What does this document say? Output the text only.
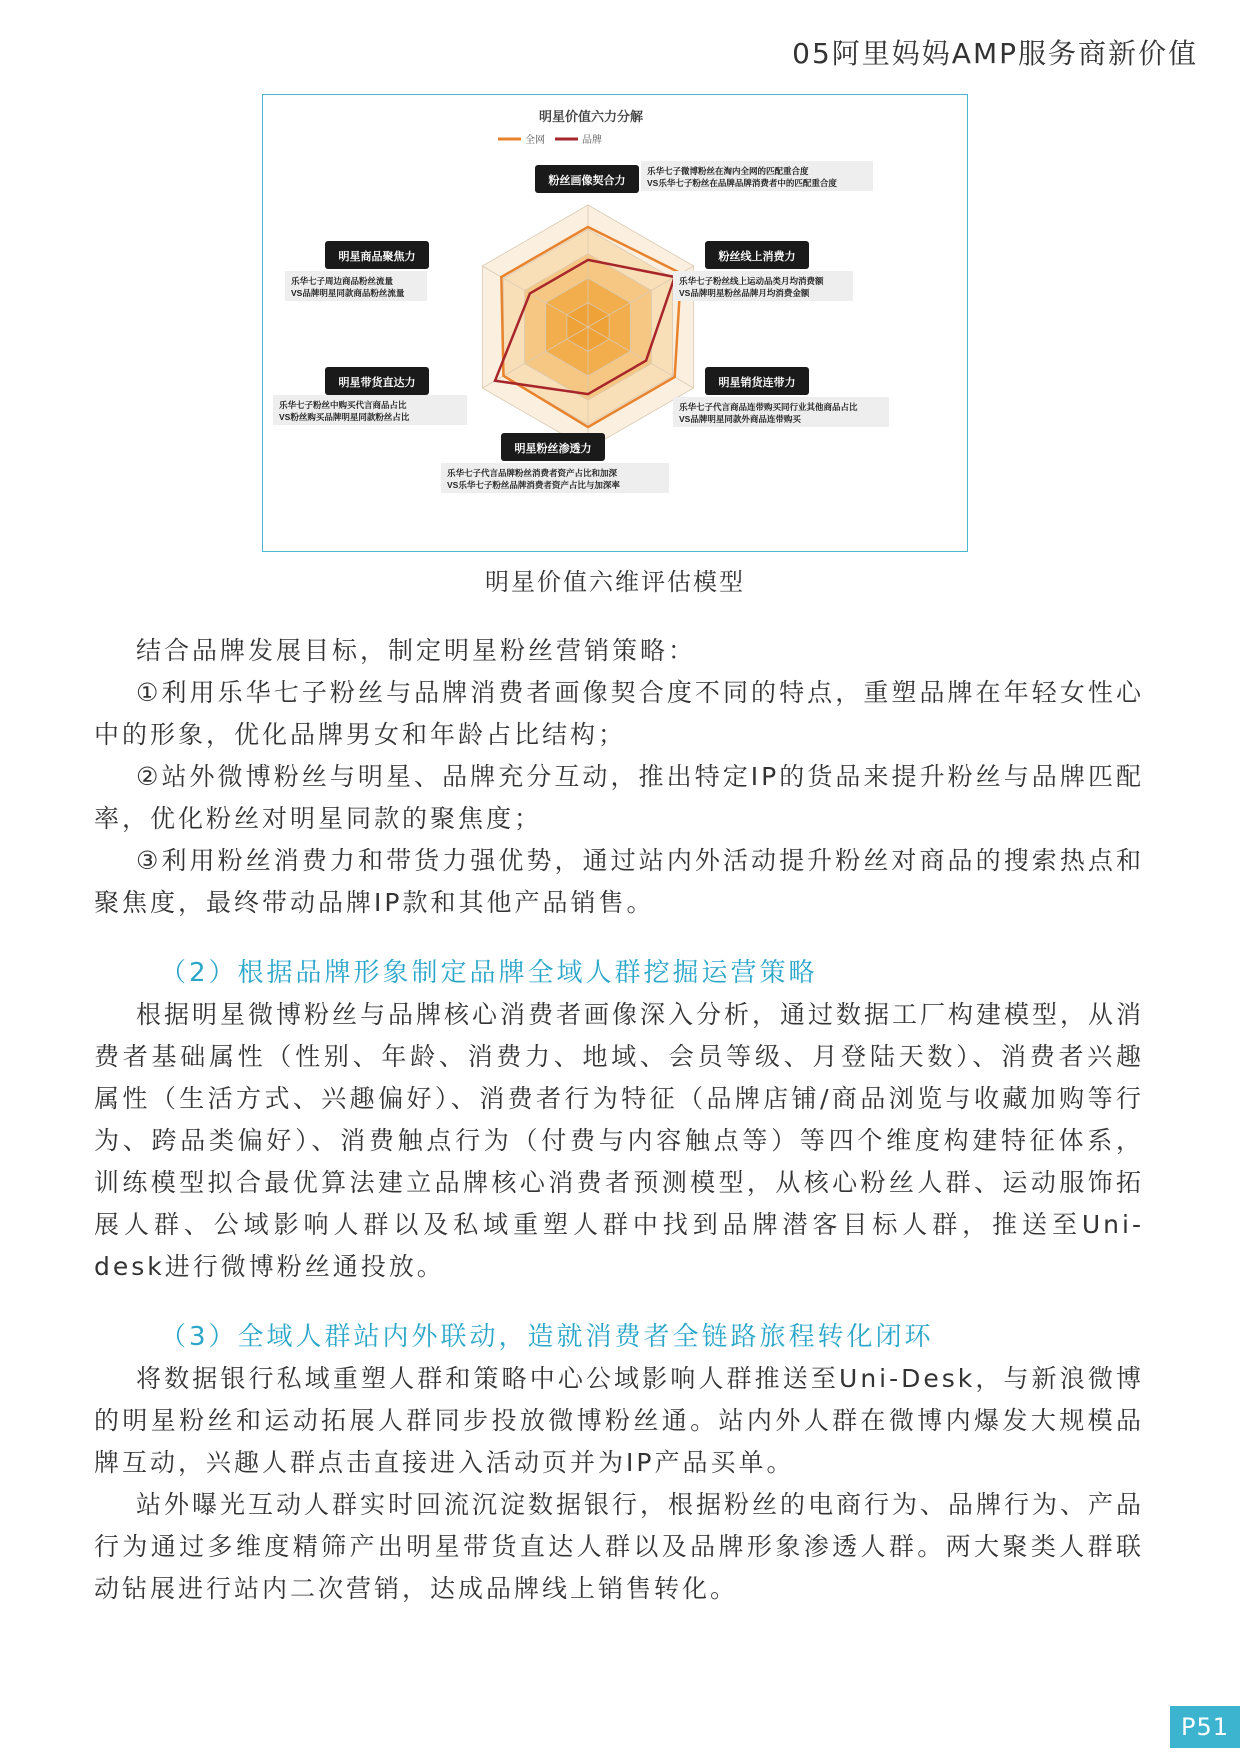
05阿里妈妈AMP服务商新价值
明星价值六力分解
全网	品牌
粉丝画像契合力
乐华七子微博粉丝在淘内全网的匹配重合度
VS乐华七子粉丝在品牌品牌消费者中的匹配重合度
粉丝线上消费力
乐华七子粉丝线上运动品类月均消费额
VS品牌明星粉丝品牌月均消费金额
明星销货连带力
乐华七子代言商品连带购买同行业其他商品占比
VS品牌明星同款外商品连带购买
明星粉丝渗透力
乐华七子代言品牌粉丝消费者资产占比和加深
VS乐华七子粉丝品牌消费者资产占比与加深率
明星带货直达力
乐华七子粉丝中购买代言商品占比
VS粉丝购买品牌明星同款粉丝占比
明星商品聚焦力
乐华七子周边商品粉丝流量
VS品牌明星同款商品粉丝流量
明星价值六维评估模型

结合品牌发展目标，制定明星粉丝营销策略：

①利用乐华七子粉丝与品牌消费者画像契合度不同的特点，重塑品牌在年轻女性心中的形象，优化品牌男女和年龄占比结构；

②站外微博粉丝与明星、品牌充分互动，推出特定IP的货品来提升粉丝与品牌匹配率，优化粉丝对明星同款的聚焦度；

③利用粉丝消费力和带货力强优势，通过站内外活动提升粉丝对商品的搜索热点和聚焦度，最终带动品牌IP款和其他产品销售。

（2）根据品牌形象制定品牌全域人群挖掘运营策略

根据明星微博粉丝与品牌核心消费者画像深入分析，通过数据工厂构建模型，从消费者基础属性（性别、年龄、消费力、地域、会员等级、月登陆天数）、消费者兴趣属性（生活方式、兴趣偏好）、消费者行为特征（品牌店铺/商品浏览与收藏加购等行为、跨品类偏好）、消费触点行为（付费与内容触点等）等四个维度构建特征体系，训练模型拟合最优算法建立品牌核心消费者预测模型，从核心粉丝人群、运动服饰拓展人群、公域影响人群以及私域重塑人群中找到品牌潜客目标人群，推送至Uni-desk进行微博粉丝通投放。

（3）全域人群站内外联动，造就消费者全链路旅程转化闭环

将数据银行私域重塑人群和策略中心公域影响人群推送至Uni-Desk，与新浪微博的明星粉丝和运动拓展人群同步投放微博粉丝通。站内外人群在微博内爆发大规模品牌互动，兴趣人群点击直接进入活动页并为IP产品买单。

站外曝光互动人群实时回流沉淀数据银行，根据粉丝的电商行为、品牌行为、产品行为通过多维度精筛产出明星带货直达人群以及品牌形象渗透人群。两大聚类人群联动钻展进行站内二次营销，达成品牌线上销售转化。

P51
